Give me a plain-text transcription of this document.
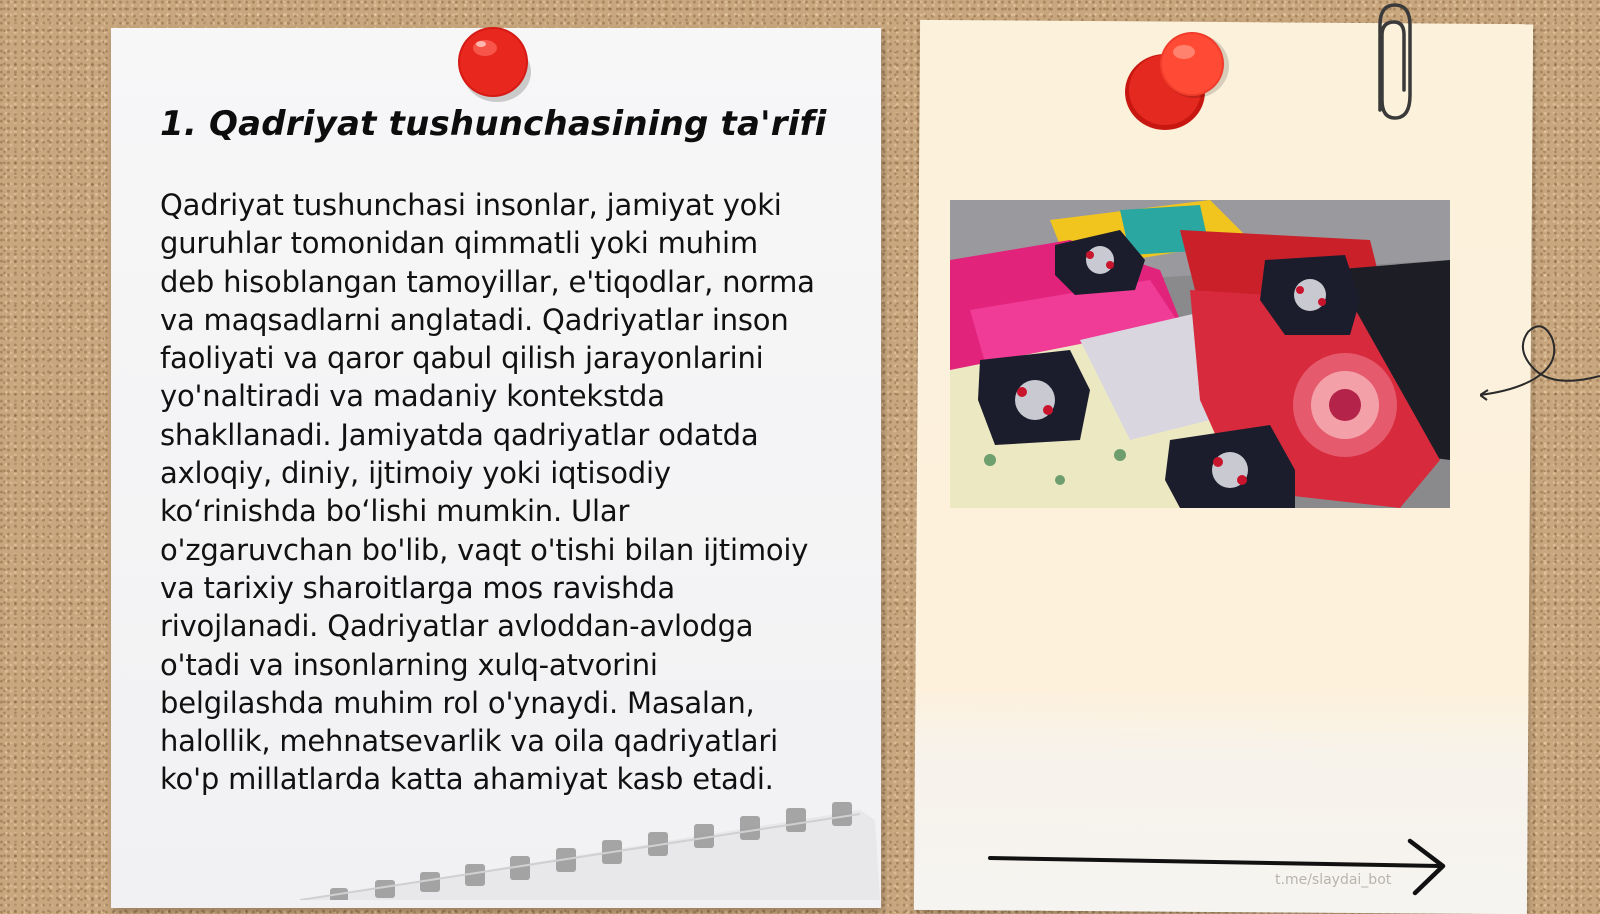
1. Qadriyat tushunchasining ta'rifi
Qadriyat tushunchasi insonlar, jamiyat yoki
guruhlar tomonidan qimmatli yoki muhim
deb hisoblangan tamoyillar, e'tiqodlar, norma
va maqsadlarni anglatadi. Qadriyatlar inson
faoliyati va qaror qabul qilish jarayonlarini
yo'naltiradi va madaniy kontekstda
shakllanadi. Jamiyatda qadriyatlar odatda
axloqiy, diniy, ijtimoiy yoki iqtisodiy
ko‘rinishda bo‘lishi mumkin. Ular
o'zgaruvchan bo'lib, vaqt o'tishi bilan ijtimoiy
va tarixiy sharoitlarga mos ravishda
rivojlanadi. Qadriyatlar avloddan-avlodga
o'tadi va insonlarning xulq-atvorini
belgilashda muhim rol o'ynaydi. Masalan,
halollik, mehnatsevarlik va oila qadriyatlari
ko'p millatlarda katta ahamiyat kasb etadi.
t.me/slaydai_bot
